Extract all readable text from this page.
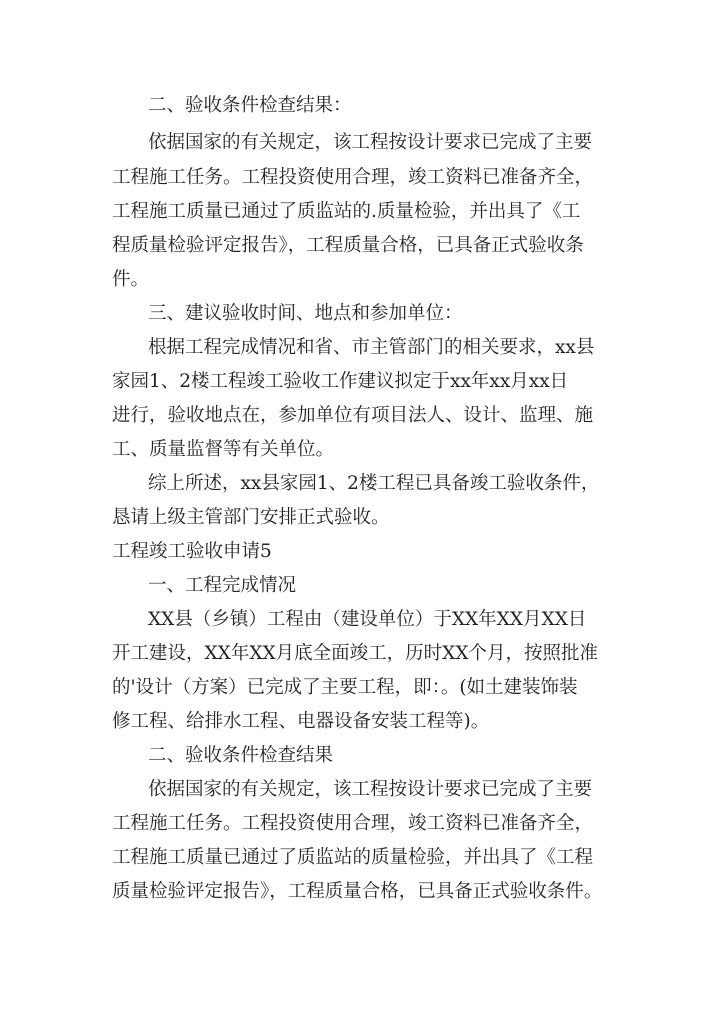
二、验收条件检查结果：
依据国家的有关规定，该工程按设计要求已完成了主要
工程施工任务。工程投资使用合理，竣工资料已准备齐全，
工程施工质量已通过了质监站的.质量检验，并出具了《工
程质量检验评定报告》，工程质量合格，已具备正式验收条
件。
三、建议验收时间、地点和参加单位：
根据工程完成情况和省、市主管部门的相关要求，xx县
家园1、2楼工程竣工验收工作建议拟定于xx年xx月xx日
进行，验收地点在，参加单位有项目法人、设计、监理、施
工、质量监督等有关单位。
综上所述，xx县家园1、2楼工程已具备竣工验收条件，
恳请上级主管部门安排正式验收。
工程竣工验收申请5
一、工程完成情况
XX县（乡镇）工程由（建设单位）于XX年XX月XX日
开工建设，XX年XX月底全面竣工，历时XX个月，按照批准
的'设计（方案）已完成了主要工程，即：。(如土建装饰装
修工程、给排水工程、电器设备安装工程等)。
二、验收条件检查结果
依据国家的有关规定，该工程按设计要求已完成了主要
工程施工任务。工程投资使用合理，竣工资料已准备齐全，
工程施工质量已通过了质监站的质量检验，并出具了《工程
质量检验评定报告》，工程质量合格，已具备正式验收条件。
